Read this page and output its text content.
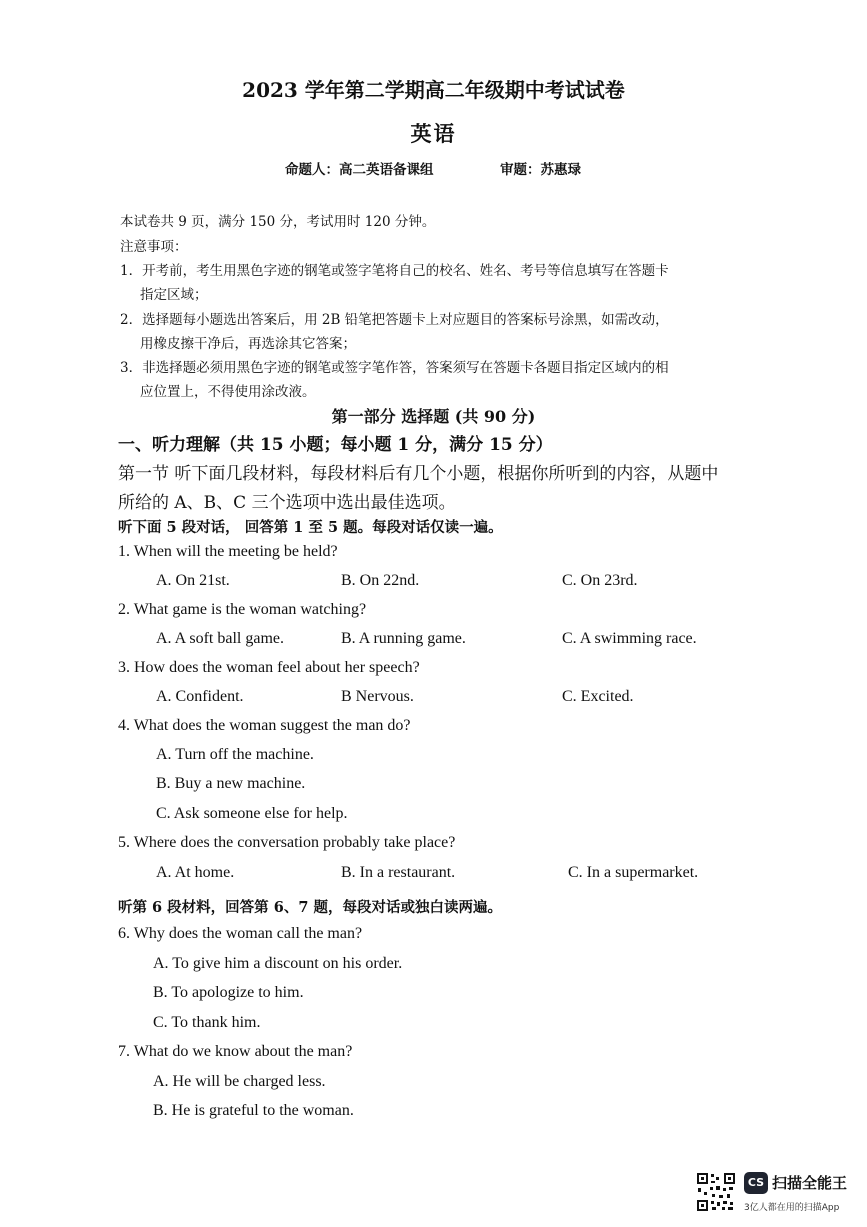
2023 学年第二学期高二年级期中考试试卷
英语
命题人：高二英语备课组	审题：苏惠琭
本试卷共 9 页，满分 150 分，考试用时 120 分钟。
注意事项：
1．开考前，考生用黑色字迹的钢笔或签字笔将自己的校名、姓名、考号等信息填写在答题卡
指定区域；
2．选择题每小题选出答案后，用 2B 铅笔把答题卡上对应题目的答案标号涂黑，如需改动，
用橡皮擦干净后，再选涂其它答案；
3．非选择题必须用黑色字迹的钢笔或签字笔作答，答案须写在答题卡各题目指定区域内的相
应位置上，不得使用涂改液。
第一部分 选择题 (共 90 分)
一、听力理解（共 15 小题；每小题 1 分，满分 15 分）
第一节 听下面几段材料，每段材料后有几个小题，根据你所听到的内容，从题中
所给的 A、B、C 三个选项中选出最佳选项。
听下面 5 段对话， 回答第 1 至 5 题。每段对话仅读一遍。
1. When will the meeting be held?
A. On 21st.	B. On 22nd.	C. On 23rd.
2. What game is the woman watching?
A. A soft ball game.	B. A running game.	C. A swimming race.
3. How does the woman feel about her speech?
A. Confident.	B Nervous.	C. Excited.
4. What does the woman suggest the man do?
A. Turn off the machine.
B. Buy a new machine.
C. Ask someone else for help.
5. Where does the conversation probably take place?
A. At home.	B. In a restaurant.	C. In a supermarket.
听第 6 段材料，回答第 6、7 题，每段对话或独白读两遍。
6. Why does the woman call the man?
A. To give him a discount on his order.
B. To apologize to him.
C. To thank him.
7. What do we know about the man?
A. He will be charged less.
B. He is grateful to the woman.
CS 扫描全能王
3亿人都在用的扫描App
